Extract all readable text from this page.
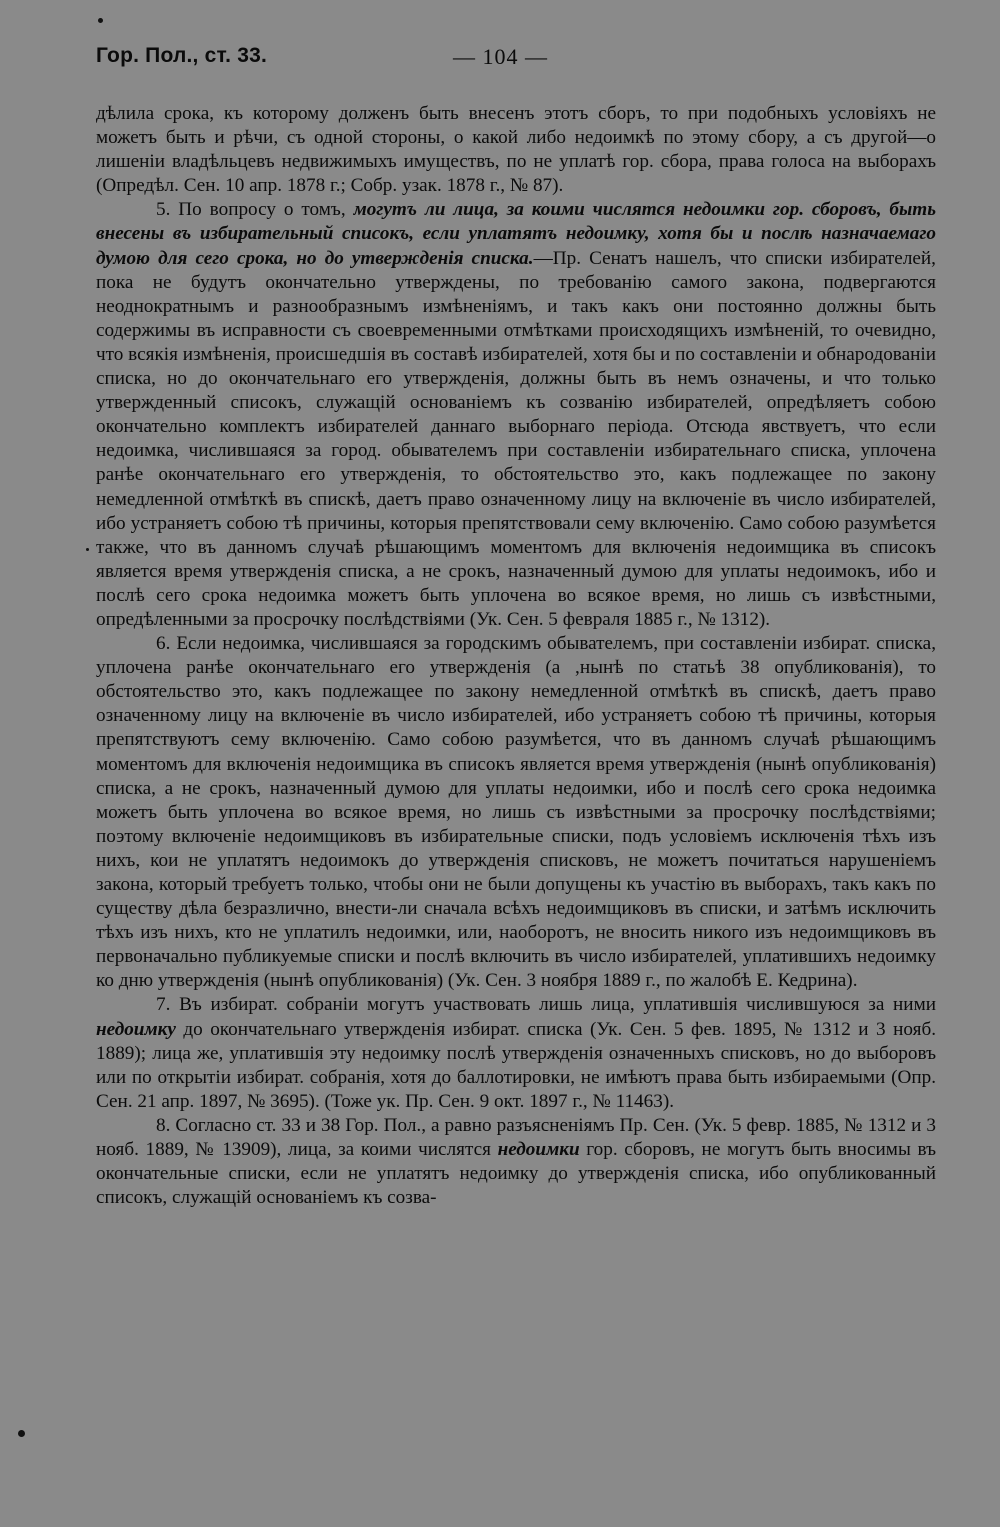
Гор. Пол., ст. 33.	— 104 —

дѣлила срока, къ которому долженъ быть внесенъ этотъ сборъ, то при подобныхъ условіяхъ не можетъ быть и рѣчи, съ одной стороны, о какой либо недоимкѣ по этому сбору, а съ другой—о лишеніи владѣльцевъ недвижимыхъ имуществъ, по не уплатѣ гор. сбора, права голоса на выборахъ (Опредѣл. Сен. 10 апр. 1878 г.; Собр. узак. 1878 г., № 87).

5. По вопросу о томъ, могутъ ли лица, за коими числятся недоимки гор. сборовъ, быть внесены въ избирательный списокъ, если уплатятъ недоимку, хотя бы и послѣ назначаемаго думою для сего срока, но до утвержденія списка.—Пр. Сенатъ нашелъ, что списки избирателей, пока не будутъ окончательно утверждены, по требованію самого закона, подвергаются неоднократнымъ и разнообразнымъ измѣненіямъ, и такъ какъ они постоянно должны быть содержимы въ исправности съ своевременными отмѣтками происходящихъ измѣненій, то очевидно, что всякія измѣненія, происшедшія въ составѣ избирателей, хотя бы и по составленіи и обнародованіи списка, но до окончательнаго его утвержденія, должны быть въ немъ означены, и что только утвержденный списокъ, служащій основаніемъ къ созванію избирателей, опредѣляетъ собою окончательно комплектъ избирателей даннаго выборнаго періода. Отсюда явствуетъ, что если недоимка, числившаяся за город. обывателемъ при составленіи избирательнаго списка, уплочена ранѣе окончательнаго его утвержденія, то обстоятельство это, какъ подлежащее по закону немедленной отмѣткѣ въ спискѣ, даетъ право означенному лицу на включеніе въ число избирателей, ибо устраняетъ собою тѣ причины, которыя препятствовали сему включенію. Само собою разумѣется также, что въ данномъ случаѣ рѣшающимъ моментомъ для включенія недоимщика въ списокъ является время утвержденія списка, а не срокъ, назначенный думою для уплаты недоимокъ, ибо и послѣ сего срока недоимка можетъ быть уплочена во всякое время, но лишь съ извѣстными, опредѣленными за просрочку послѣдствіями (Ук. Сен. 5 февраля 1885 г., № 1312).

6. Если недоимка, числившаяся за городскимъ обывателемъ, при составленіи избират. списка, уплочена ранѣе окончательнаго его утвержденія (а ,нынѣ по статьѣ 38 опубликованія), то обстоятельство это, какъ подлежащее по закону немедленной отмѣткѣ въ спискѣ, даетъ право означенному лицу на включеніе въ число избирателей, ибо устраняетъ собою тѣ причины, которыя препятствуютъ сему включенію. Само собою разумѣется, что въ данномъ случаѣ рѣшающимъ моментомъ для включенія недоимщика въ списокъ является время утвержденія (нынѣ опубликованія) списка, а не срокъ, назначенный думою для уплаты недоимки, ибо и послѣ сего срока недоимка можетъ быть уплочена во всякое время, но лишь съ извѣстными за просрочку послѣдствіями; поэтому включеніе недоимщиковъ въ избирательные списки, подъ условіемъ исключенія тѣхъ изъ нихъ, кои не уплатятъ недоимокъ до утвержденія списковъ, не можетъ почитаться нарушеніемъ закона, который требуетъ только, чтобы они не были допущены къ участію въ выборахъ, такъ какъ по существу дѣла безразлично, внести-ли сначала всѣхъ недоимщиковъ въ списки, и затѣмъ исключить тѣхъ изъ нихъ, кто не уплатилъ недоимки, или, наоборотъ, не вносить никого изъ недоимщиковъ въ первоначально публикуемые списки и послѣ включить въ число избирателей, уплатившихъ недоимку ко дню утвержденія (нынѣ опубликованія) (Ук. Сен. 3 ноября 1889 г., по жалобѣ Е. Кедрина).

7. Въ избират. собраніи могутъ участвовать лишь лица, уплатившія числившуюся за ними недоимку до окончательнаго утвержденія избират. списка (Ук. Сен. 5 фев. 1895, № 1312 и 3 нояб. 1889); лица же, уплатившія эту недоимку послѣ утвержденія означенныхъ списковъ, но до выборовъ или по открытіи избират. собранія, хотя до баллотировки, не имѣютъ права быть избираемыми (Опр. Сен. 21 апр. 1897, № 3695). (Тоже ук. Пр. Сен. 9 окт. 1897 г., № 11463).

8. Согласно ст. 33 и 38 Гор. Пол., а равно разъясненіямъ Пр. Сен. (Ук. 5 февр. 1885, № 1312 и 3 нояб. 1889, № 13909), лица, за коими числятся недоимки гор. сборовъ, не могутъ быть вносимы въ окончательные списки, если не уплатятъ недоимку до утвержденія списка, ибо опубликованный списокъ, служащій основаніемъ къ созва-
